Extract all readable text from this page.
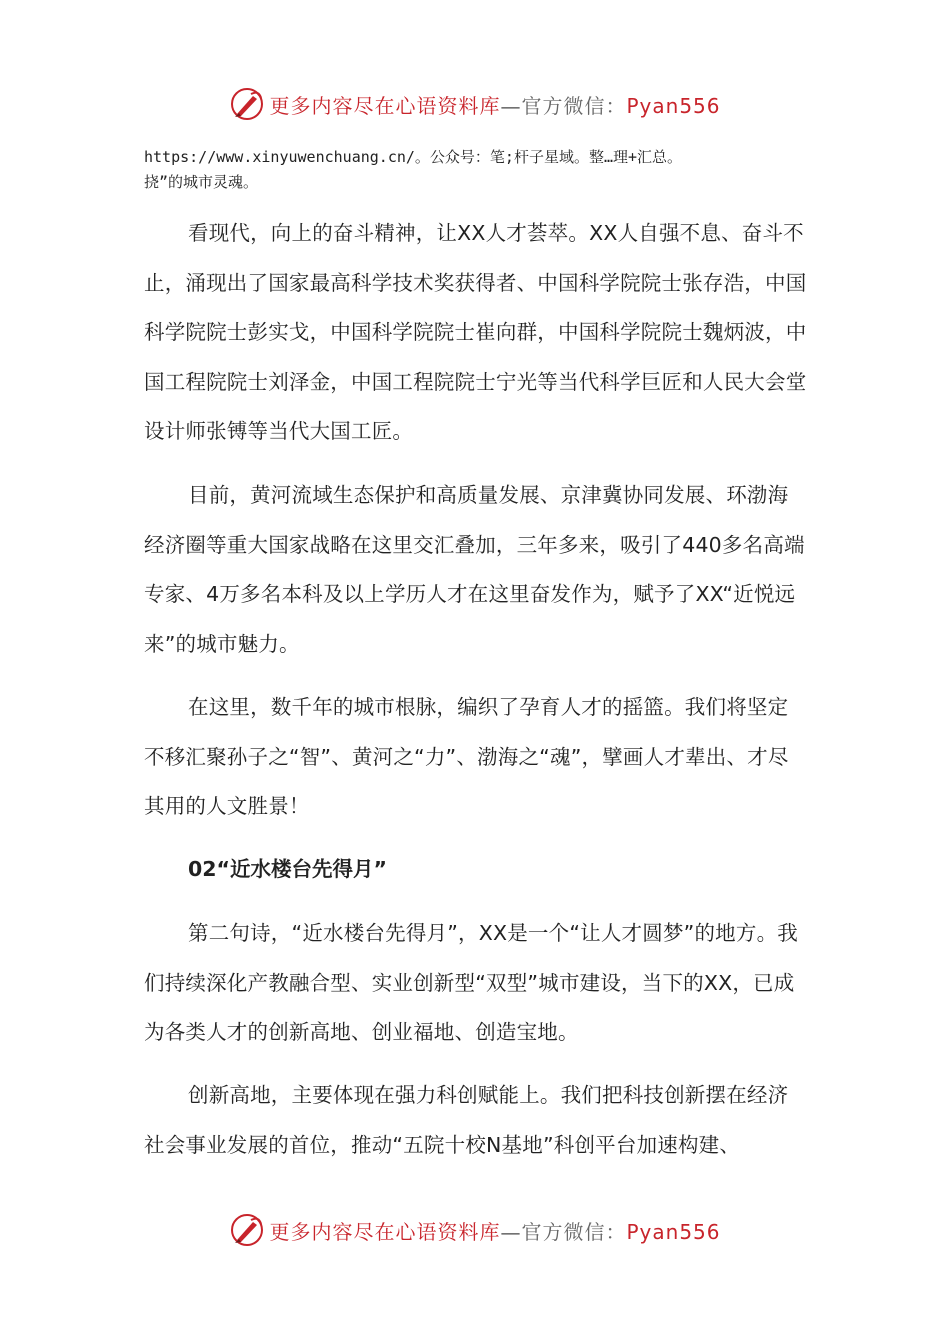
更多内容尽在心语资料库—官方微信：Pyan556
https://www.xinyuwenchuang.cn/。公众号：笔;杆子星域。整…理+汇总。
挠”的城市灵魂。

看现代，向上的奋斗精神，让XX人才荟萃。XX人自强不息、奋斗不止，涌现出了国家最高科学技术奖获得者、中国科学院院士张存浩，中国科学院院士彭实戈，中国科学院院士崔向群，中国科学院院士魏炳波，中国工程院院士刘泽金，中国工程院院士宁光等当代科学巨匠和人民大会堂设计师张镈等当代大国工匠。

目前，黄河流域生态保护和高质量发展、京津冀协同发展、环渤海经济圈等重大国家战略在这里交汇叠加，三年多来，吸引了440多名高端专家、4万多名本科及以上学历人才在这里奋发作为，赋予了XX“近悦远来”的城市魅力。

在这里，数千年的城市根脉，编织了孕育人才的摇篮。我们将坚定不移汇聚孙子之“智”、黄河之“力”、渤海之“魂”，擘画人才辈出、才尽其用的人文胜景！

02“近水楼台先得月”

第二句诗，“近水楼台先得月”，XX是一个“让人才圆梦”的地方。我们持续深化产教融合型、实业创新型“双型”城市建设，当下的XX，已成为各类人才的创新高地、创业福地、创造宝地。

创新高地，主要体现在强力科创赋能上。我们把科技创新摆在经济社会事业发展的首位，推动“五院十校N基地”科创平台加速构建、

更多内容尽在心语资料库—官方微信：Pyan556
